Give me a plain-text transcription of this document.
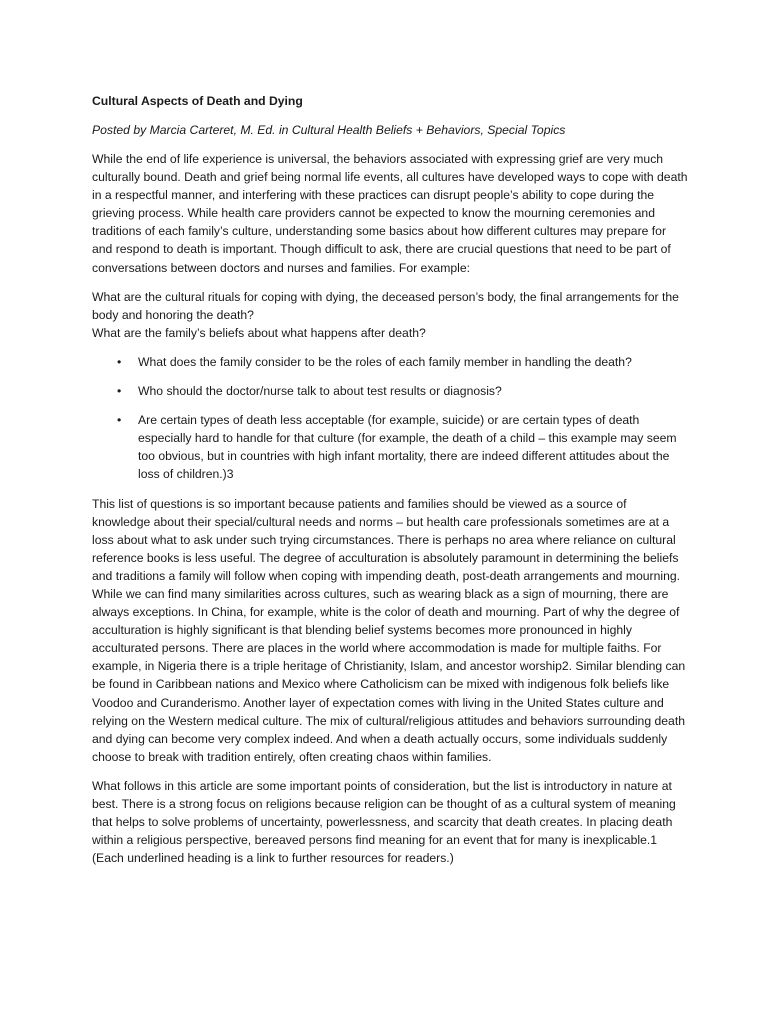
Cultural Aspects of Death and Dying
Posted by Marcia Carteret, M. Ed. in Cultural Health Beliefs + Behaviors, Special Topics

While the end of life experience is universal, the behaviors associated with expressing grief are very much culturally bound. Death and grief being normal life events, all cultures have developed ways to cope with death in a respectful manner, and interfering with these practices can disrupt people’s ability to cope during the grieving process. While health care providers cannot be expected to know the mourning ceremonies and traditions of each family’s culture, understanding some basics about how different cultures may prepare for and respond to death is important. Though difficult to ask, there are crucial questions that need to be part of conversations between doctors and nurses and families. For example:

What are the cultural rituals for coping with dying, the deceased person’s body, the final arrangements for the body and honoring the death?

What are the family’s beliefs about what happens after death?

• What does the family consider to be the roles of each family member in handling the death?
• Who should the doctor/nurse talk to about test results or diagnosis?
• Are certain types of death less acceptable (for example, suicide) or are certain types of death especially hard to handle for that culture (for example, the death of a child – this example may seem too obvious, but in countries with high infant mortality, there are indeed different attitudes about the loss of children.)3

This list of questions is so important because patients and families should be viewed as a source of knowledge about their special/cultural needs and norms – but health care professionals sometimes are at a loss about what to ask under such trying circumstances. There is perhaps no area where reliance on cultural reference books is less useful. The degree of acculturation is absolutely paramount in determining the beliefs and traditions a family will follow when coping with impending death, post-death arrangements and mourning. While we can find many similarities across cultures, such as wearing black as a sign of mourning, there are always exceptions. In China, for example, white is the color of death and mourning. Part of why the degree of acculturation is highly significant is that blending belief systems becomes more pronounced in highly acculturated persons. There are places in the world where accommodation is made for multiple faiths. For example, in Nigeria there is a triple heritage of Christianity, Islam, and ancestor worship2. Similar blending can be found in Caribbean nations and Mexico where Catholicism can be mixed with indigenous folk beliefs like Voodoo and Curanderismo. Another layer of expectation comes with living in the United States culture and relying on the Western medical culture. The mix of cultural/religious attitudes and behaviors surrounding death and dying can become very complex indeed. And when a death actually occurs, some individuals suddenly choose to break with tradition entirely, often creating chaos within families.

What follows in this article are some important points of consideration, but the list is introductory in nature at best. There is a strong focus on religions because religion can be thought of as a cultural system of meaning that helps to solve problems of uncertainty, powerlessness, and scarcity that death creates. In placing death within a religious perspective, bereaved persons find meaning for an event that for many is inexplicable.1 (Each underlined heading is a link to further resources for readers.)
